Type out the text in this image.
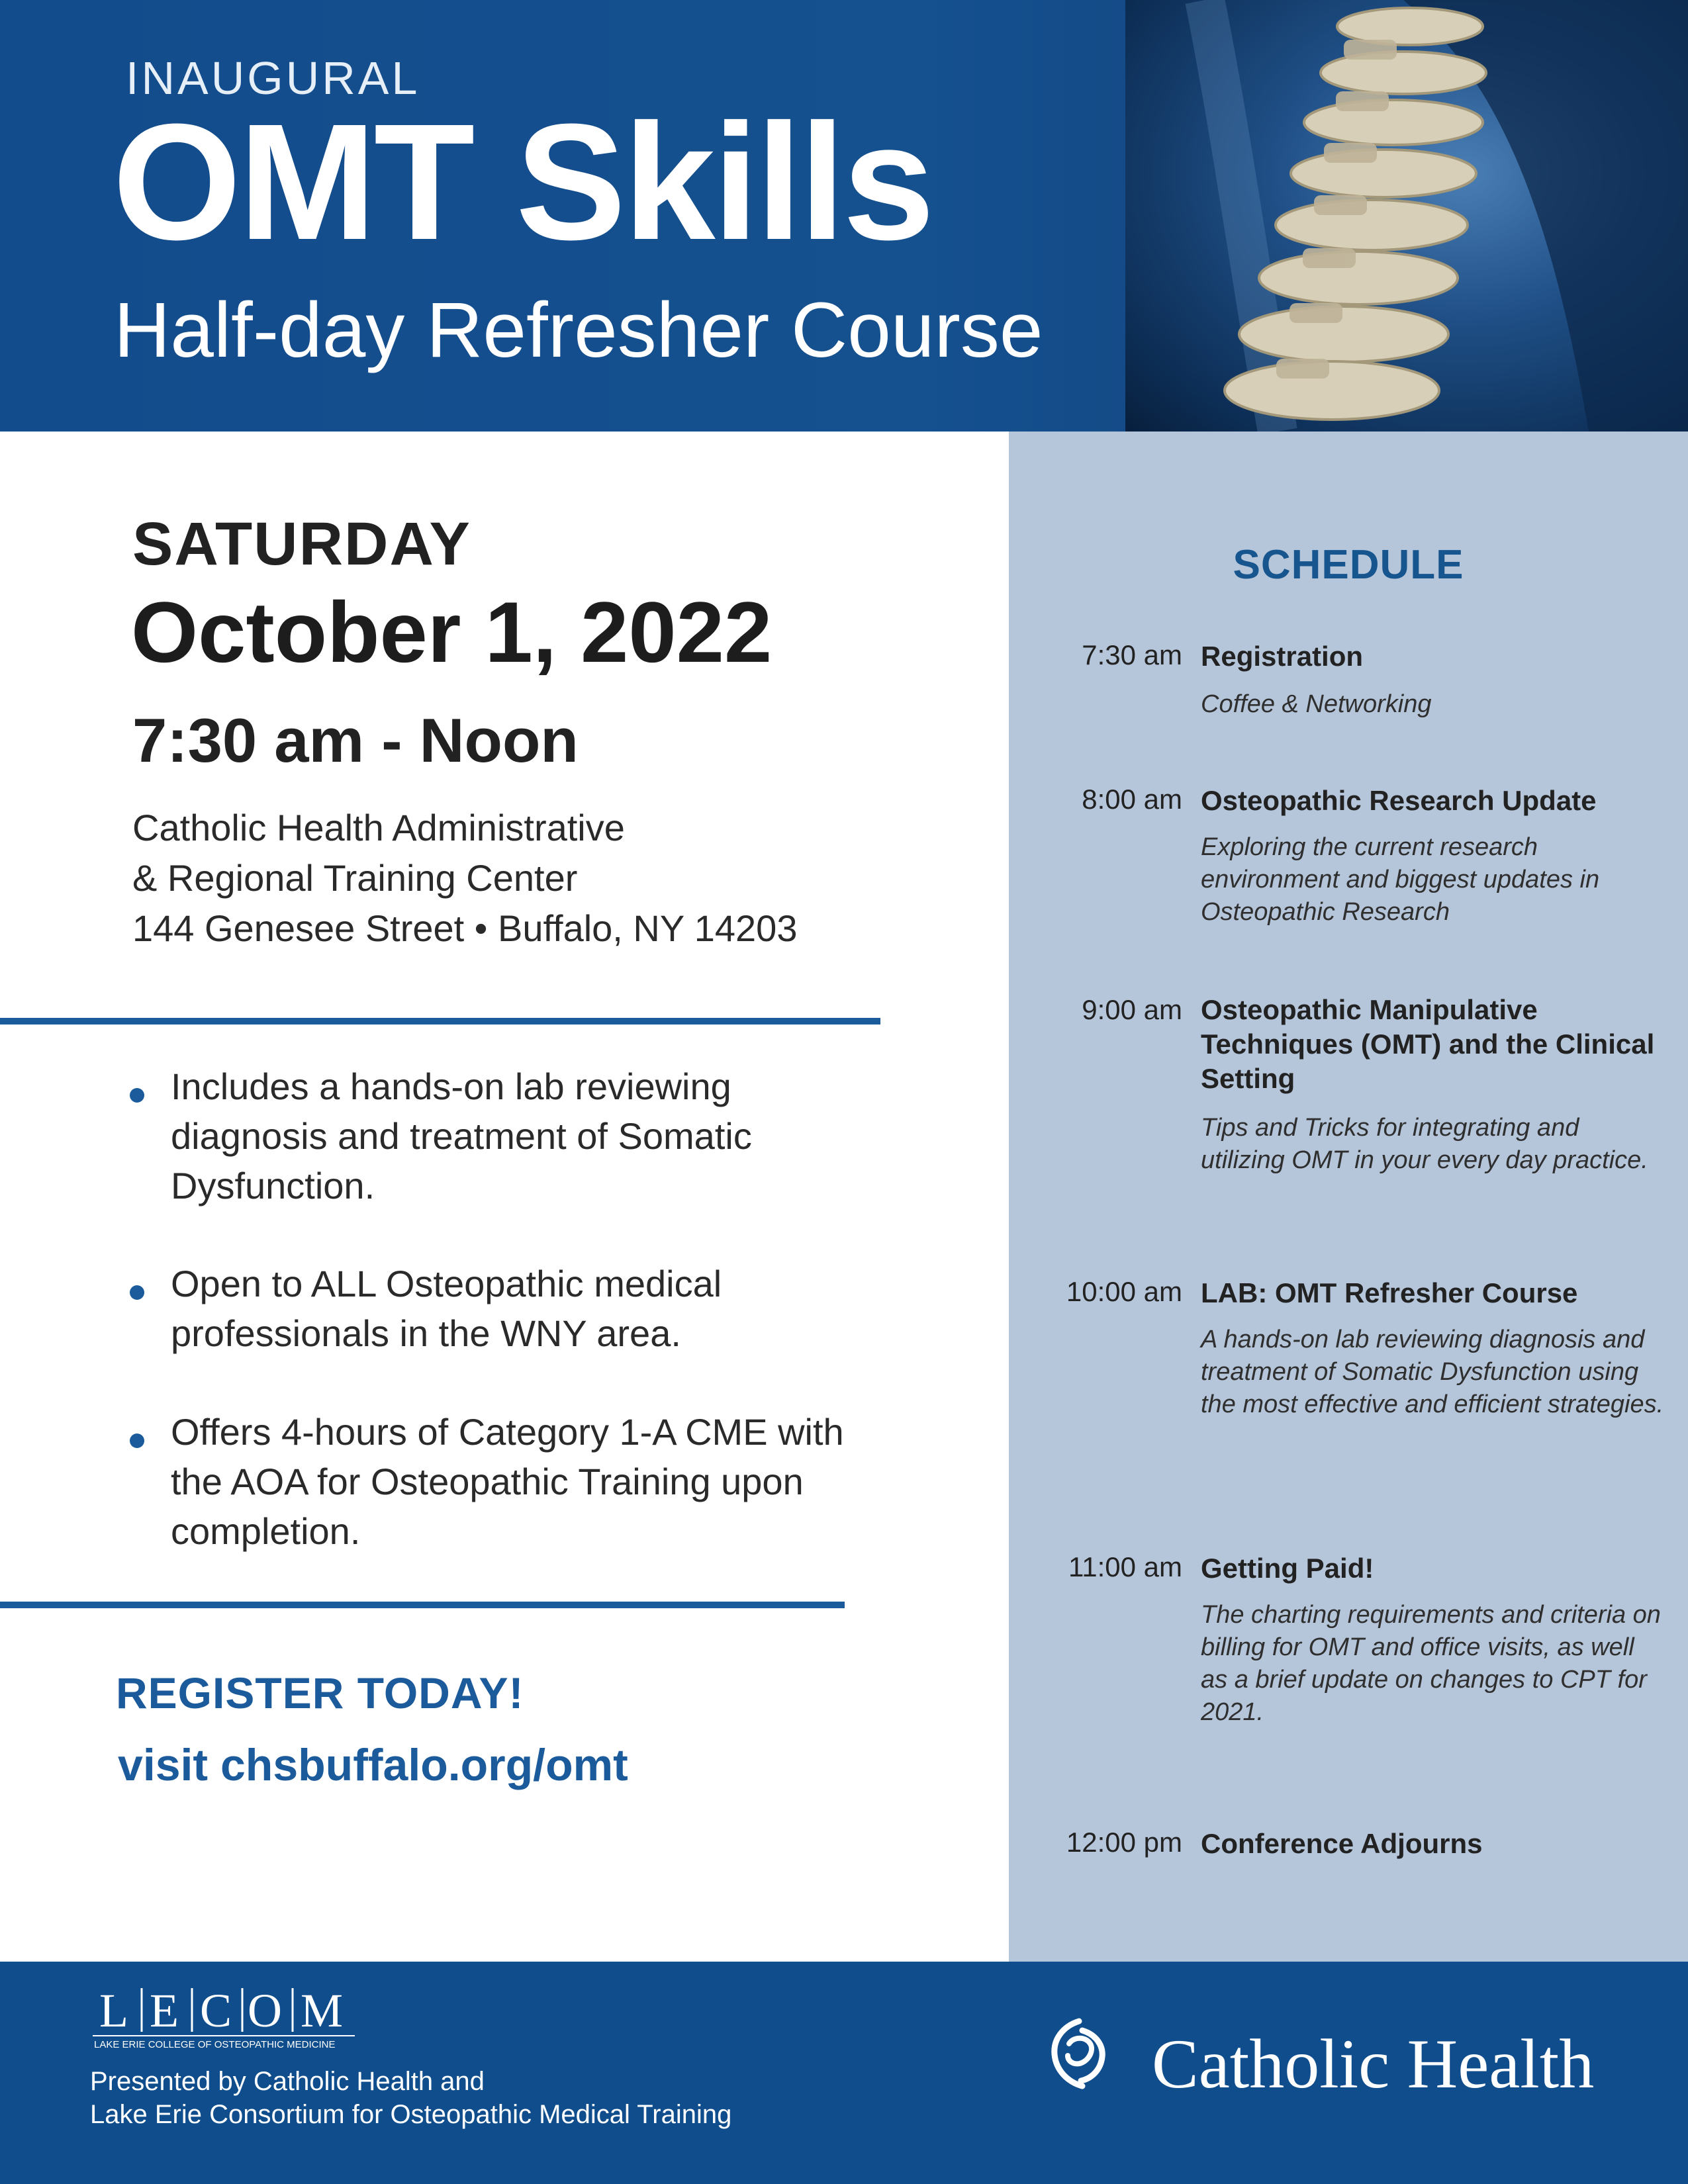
INAUGURAL
OMT Skills
Half-day Refresher Course
SATURDAY
October 1, 2022
7:30 am - Noon
Catholic Health Administrative
& Regional Training Center
144 Genesee Street • Buffalo, NY 14203
Includes a hands-on lab reviewing diagnosis and treatment of Somatic Dysfunction.
Open to ALL Osteopathic medical professionals in the WNY area.
Offers 4-hours of Category 1-A CME with the AOA for Osteopathic Training upon completion.
REGISTER TODAY!
visit chsbuffalo.org/omt
SCHEDULE
7:30 am Registration
Coffee & Networking
8:00 am Osteopathic Research Update
Exploring the current research environment and biggest updates in Osteopathic Research
9:00 am Osteopathic Manipulative Techniques (OMT) and the Clinical Setting
Tips and Tricks for integrating and utilizing OMT in your every day practice.
10:00 am LAB: OMT Refresher Course
A hands-on lab reviewing diagnosis and treatment of Somatic Dysfunction using the most effective and efficient strategies.
11:00 am Getting Paid!
The charting requirements and criteria on billing for OMT and office visits, as well as a brief update on changes to CPT for 2021.
12:00 pm Conference Adjourns
L E C O M
LAKE ERIE COLLEGE OF OSTEOPATHIC MEDICINE
Presented by Catholic Health and
Lake Erie Consortium for Osteopathic Medical Training
Catholic Health
